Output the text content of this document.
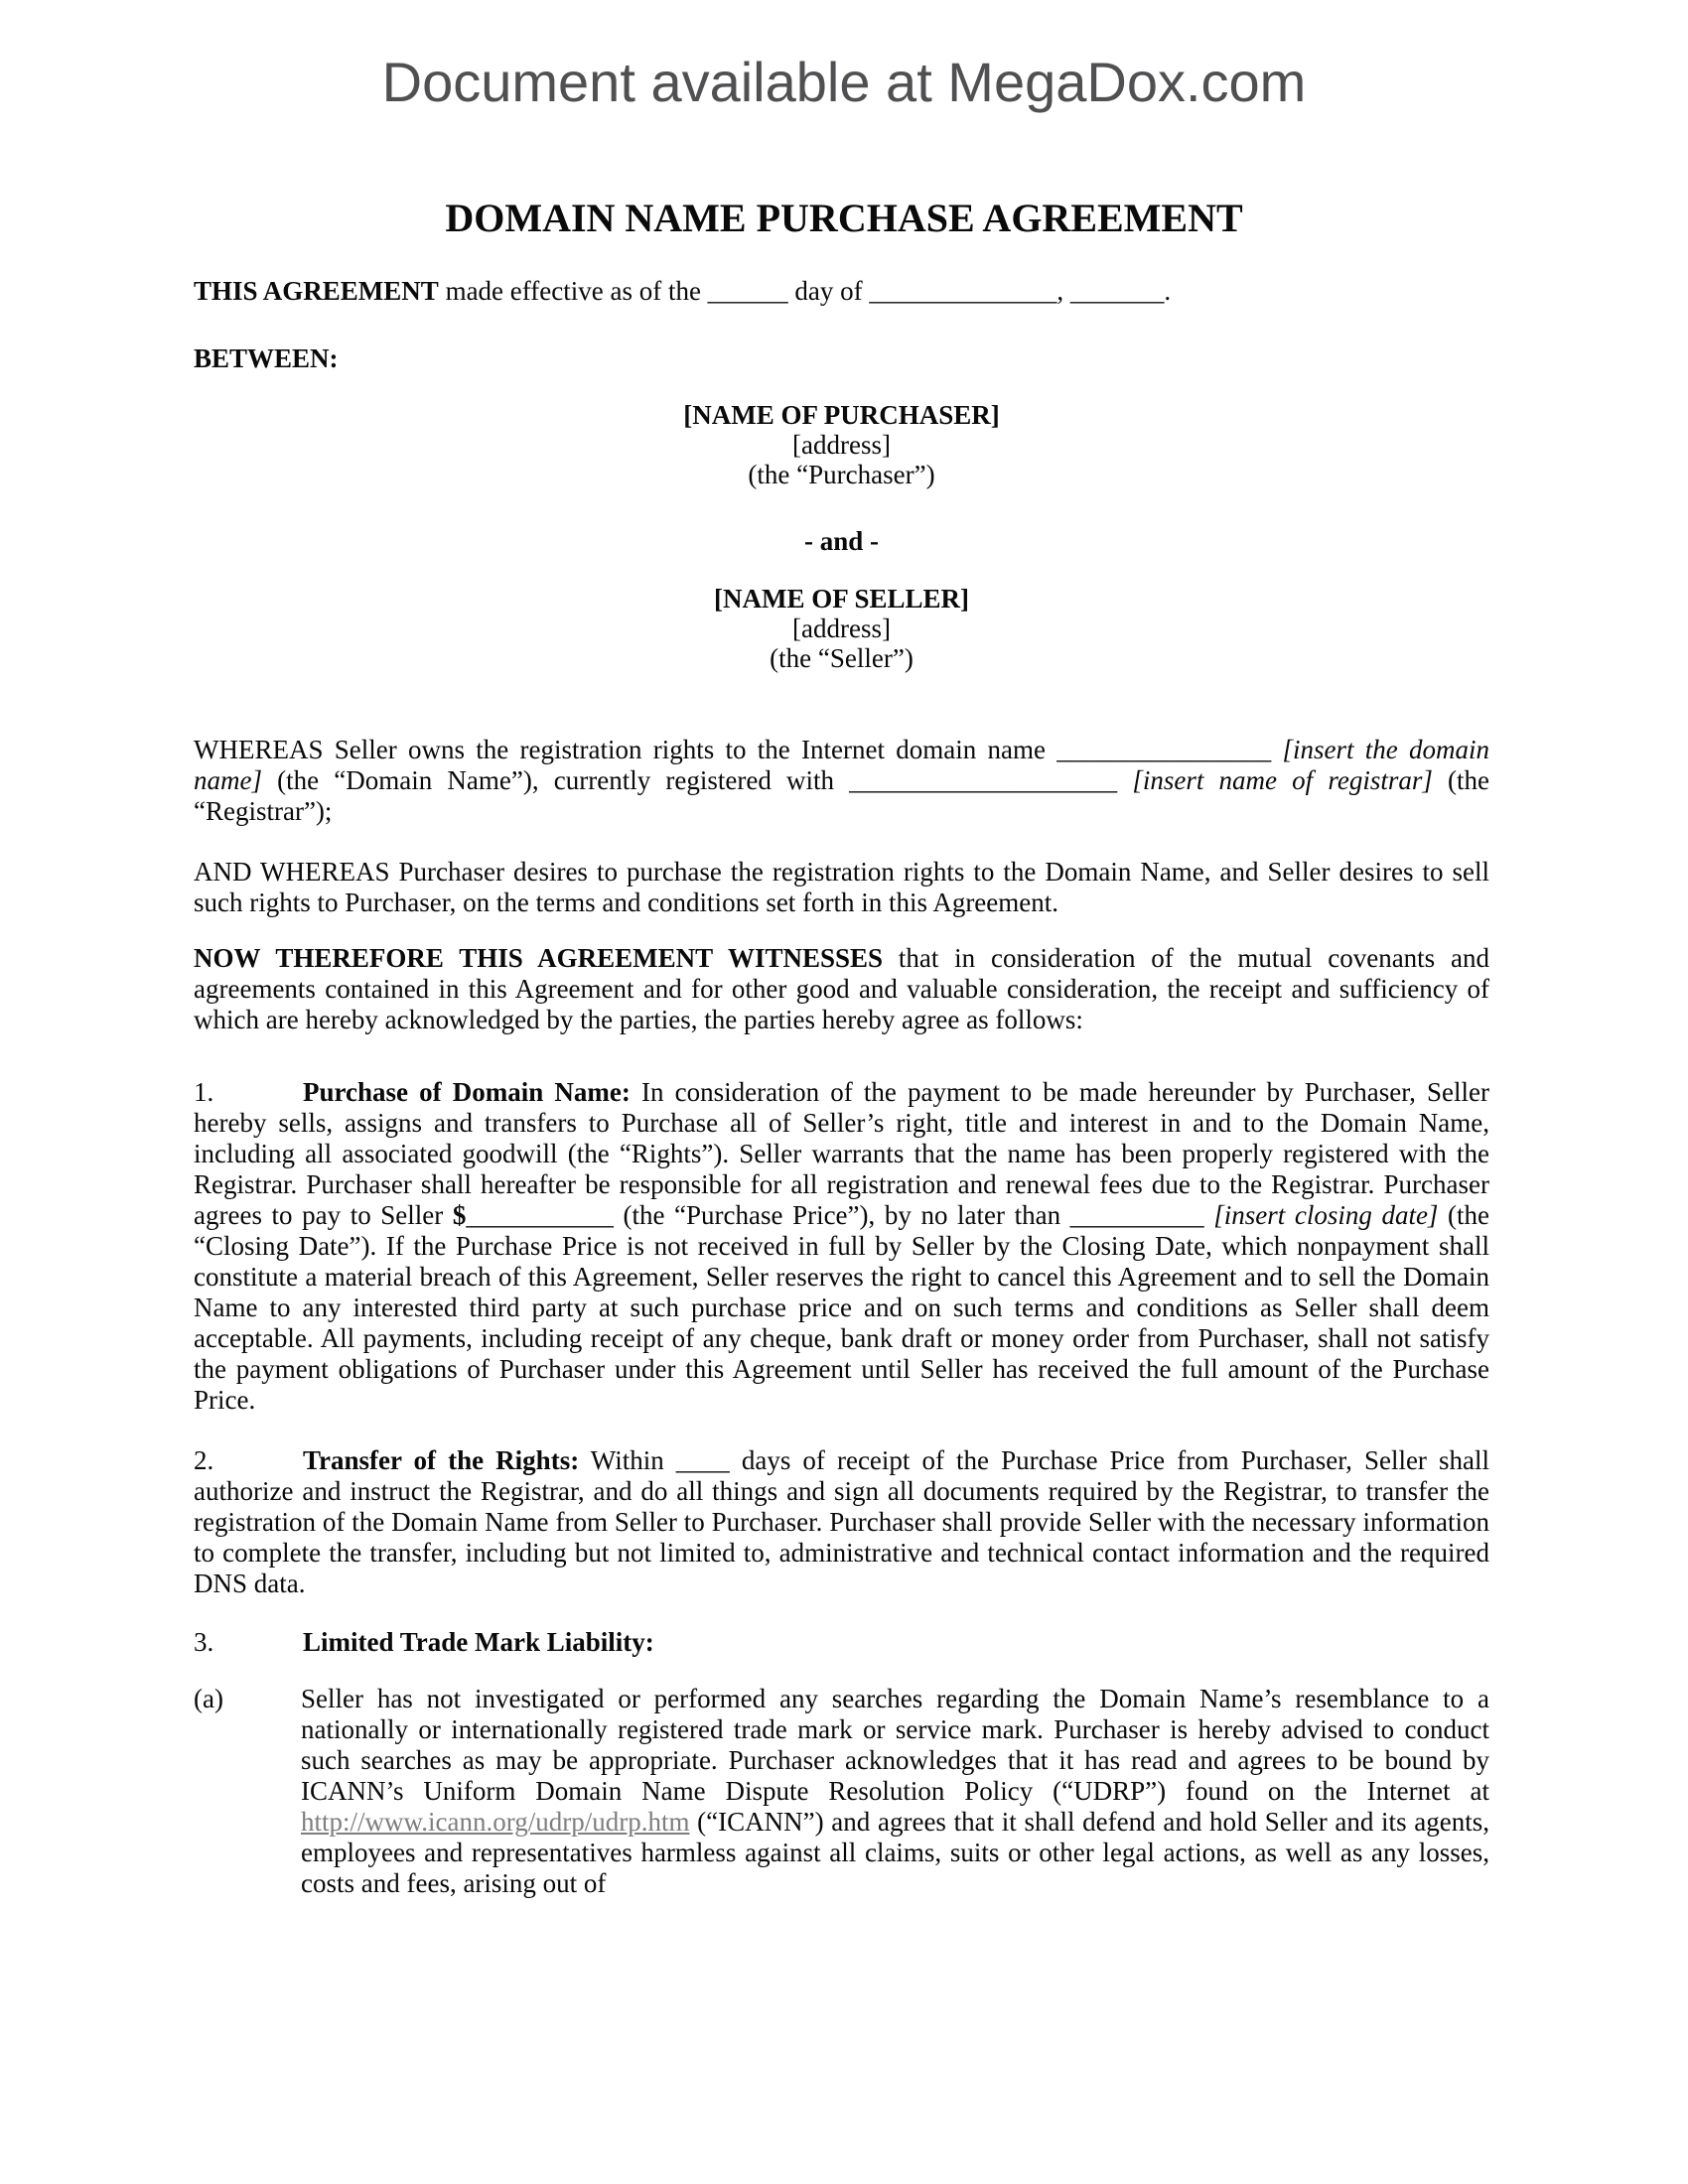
Document available at MegaDox.com
DOMAIN NAME PURCHASE AGREEMENT

THIS AGREEMENT made effective as of the ______ day of ______________, _______.

BETWEEN:

[NAME OF PURCHASER]
[address]
(the “Purchaser”)
- and -
[NAME OF SELLER]
[address]
(the “Seller”)

WHEREAS Seller owns the registration rights to the Internet domain name ________________ [insert the domain name] (the “Domain Name”), currently registered with ____________________ [insert name of registrar] (the “Registrar”);

AND WHEREAS Purchaser desires to purchase the registration rights to the Domain Name, and Seller desires to sell such rights to Purchaser, on the terms and conditions set forth in this Agreement.

NOW THEREFORE THIS AGREEMENT WITNESSES that in consideration of the mutual covenants and agreements contained in this Agreement and for other good and valuable consideration, the receipt and sufficiency of which are hereby acknowledged by the parties, the parties hereby agree as follows:

1.	Purchase of Domain Name: In consideration of the payment to be made hereunder by Purchaser, Seller hereby sells, assigns and transfers to Purchase all of Seller’s right, title and interest in and to the Domain Name, including all associated goodwill (the “Rights”). Seller warrants that the name has been properly registered with the Registrar. Purchaser shall hereafter be responsible for all registration and renewal fees due to the Registrar. Purchaser agrees to pay to Seller $___________ (the “Purchase Price”), by no later than __________ [insert closing date] (the “Closing Date”). If the Purchase Price is not received in full by Seller by the Closing Date, which nonpayment shall constitute a material breach of this Agreement, Seller reserves the right to cancel this Agreement and to sell the Domain Name to any interested third party at such purchase price and on such terms and conditions as Seller shall deem acceptable. All payments, including receipt of any cheque, bank draft or money order from Purchaser, shall not satisfy the payment obligations of Purchaser under this Agreement until Seller has received the full amount of the Purchase Price.

2.	Transfer of the Rights: Within ____ days of receipt of the Purchase Price from Purchaser, Seller shall authorize and instruct the Registrar, and do all things and sign all documents required by the Registrar, to transfer the registration of the Domain Name from Seller to Purchaser. Purchaser shall provide Seller with the necessary information to complete the transfer, including but not limited to, administrative and technical contact information and the required DNS data.

3.	Limited Trade Mark Liability:

(a)	Seller has not investigated or performed any searches regarding the Domain Name’s resemblance to a nationally or internationally registered trade mark or service mark. Purchaser is hereby advised to conduct such searches as may be appropriate. Purchaser acknowledges that it has read and agrees to be bound by ICANN’s Uniform Domain Name Dispute Resolution Policy (“UDRP”) found on the Internet at http://www.icann.org/udrp/udrp.htm (“ICANN”) and agrees that it shall defend and hold Seller and its agents, employees and representatives harmless against all claims, suits or other legal actions, as well as any losses, costs and fees, arising out of
